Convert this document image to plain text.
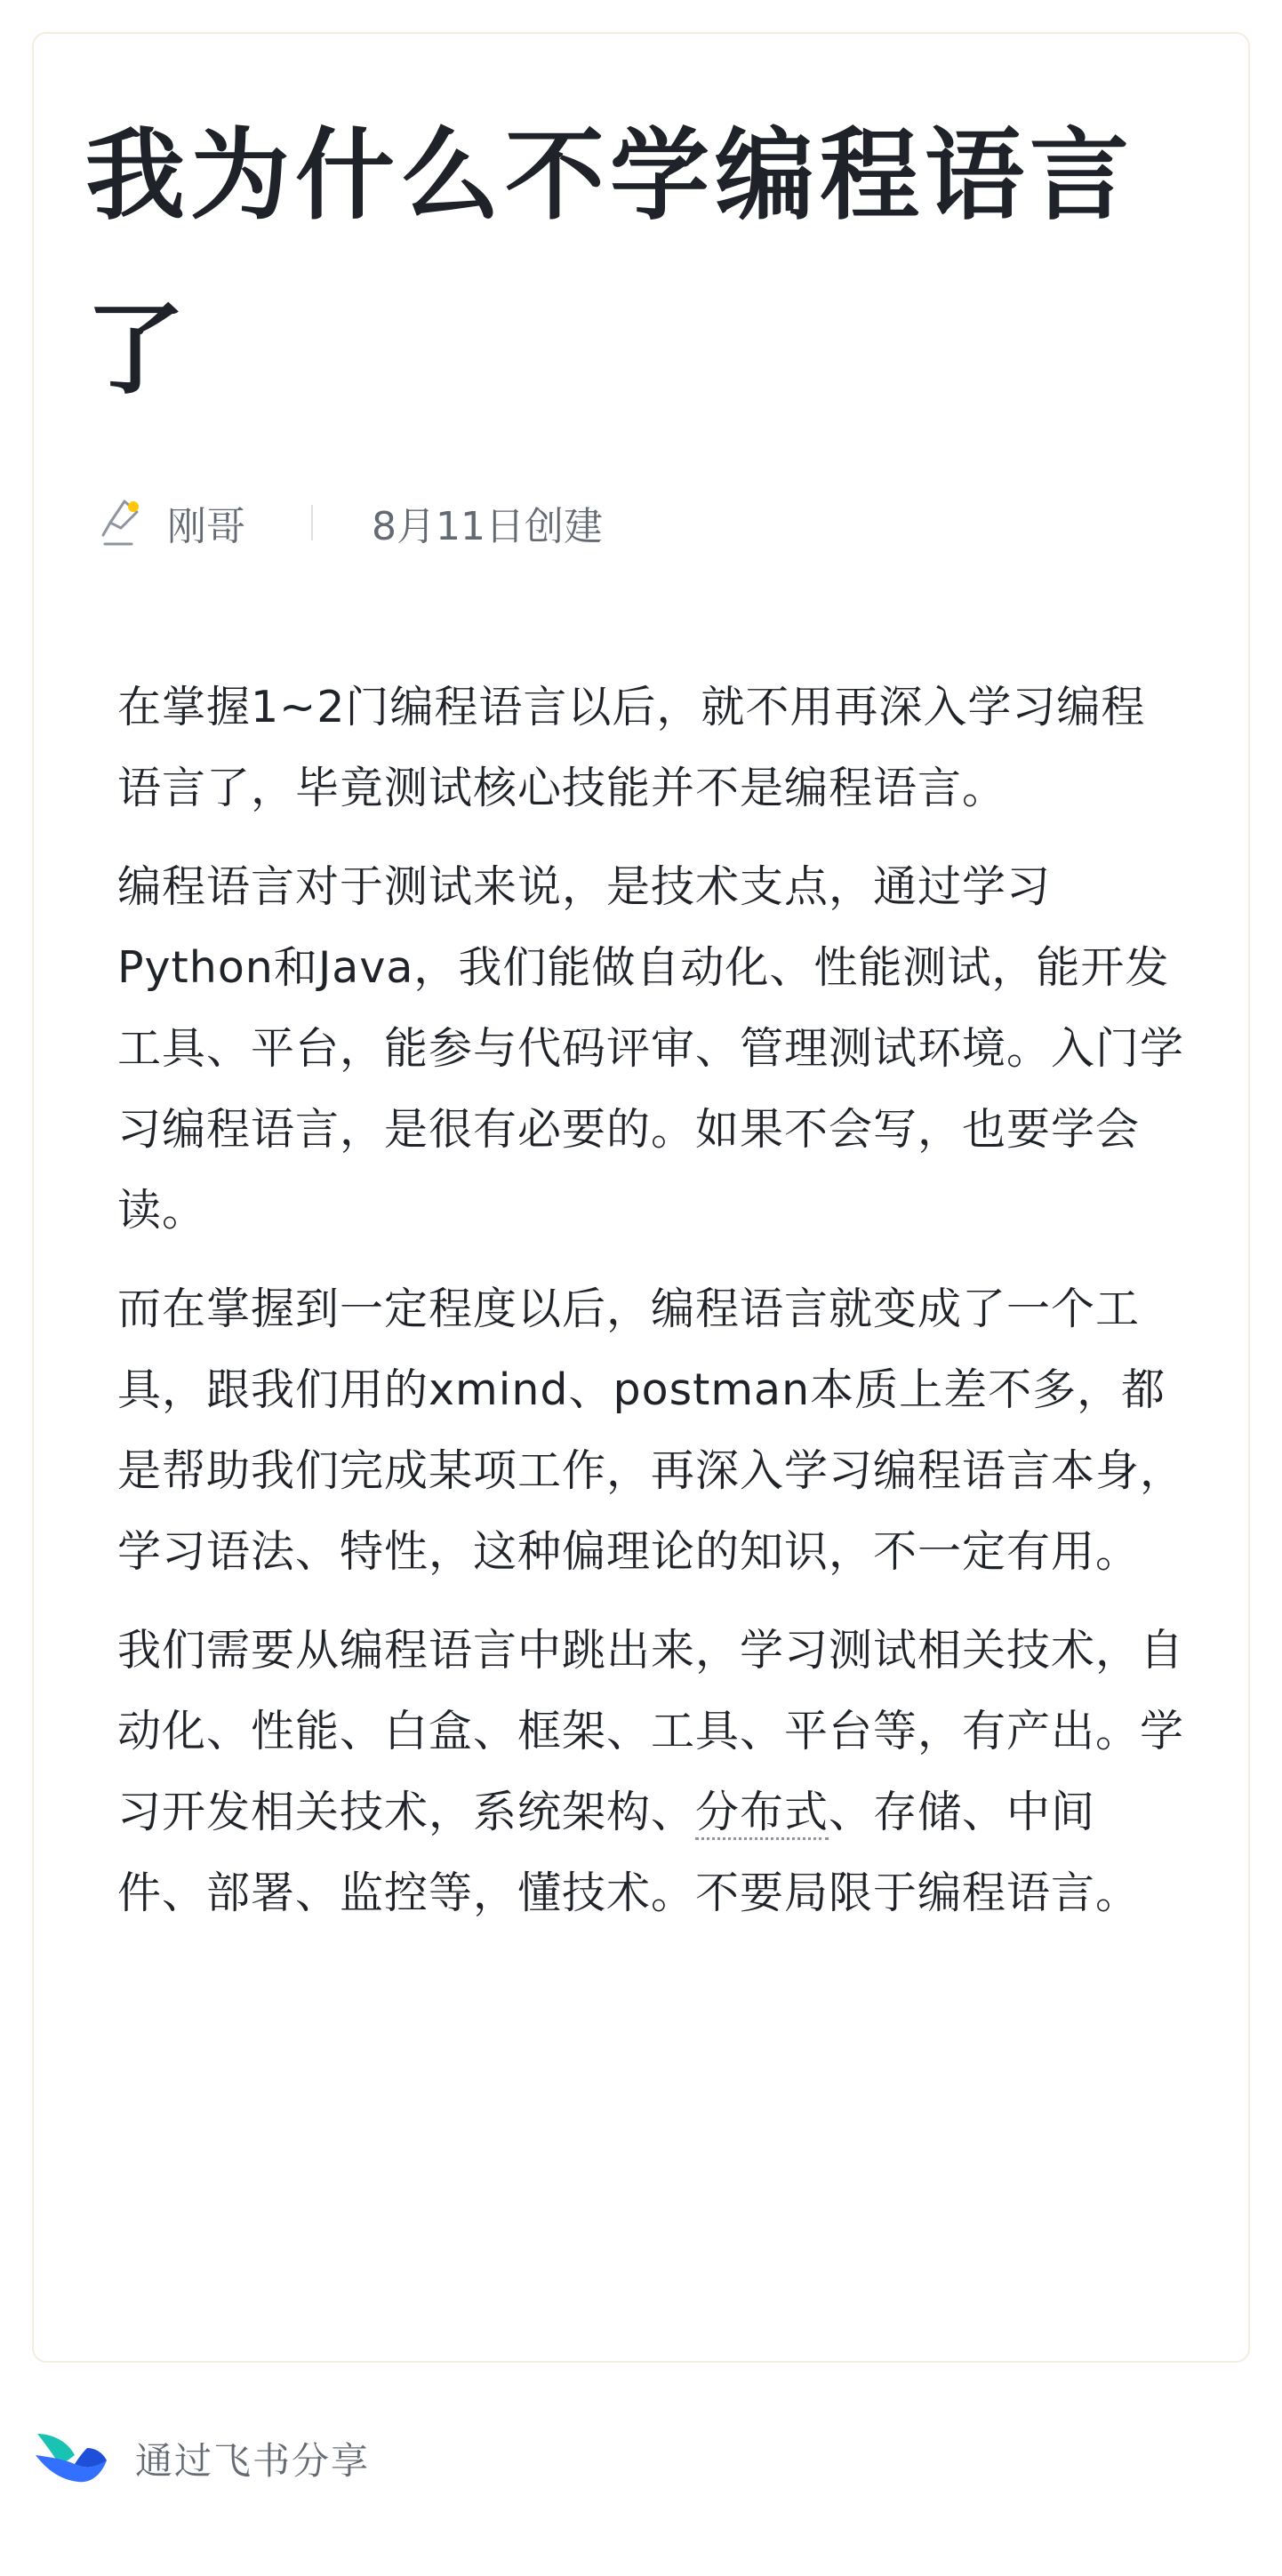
我为什么不学编程语言了
刚哥	8月11日创建

在掌握1~2门编程语言以后，就不用再深入学习编程语言了，毕竟测试核心技能并不是编程语言。

编程语言对于测试来说，是技术支点，通过学习Python和Java，我们能做自动化、性能测试，能开发工具、平台，能参与代码评审、管理测试环境。入门学习编程语言，是很有必要的。如果不会写，也要学会读。

而在掌握到一定程度以后，编程语言就变成了一个工具，跟我们用的xmind、postman本质上差不多，都是帮助我们完成某项工作，再深入学习编程语言本身，学习语法、特性，这种偏理论的知识，不一定有用。

我们需要从编程语言中跳出来，学习测试相关技术，自动化、性能、白盒、框架、工具、平台等，有产出。学习开发相关技术，系统架构、分布式、存储、中间件、部署、监控等，懂技术。不要局限于编程语言。

通过飞书分享
